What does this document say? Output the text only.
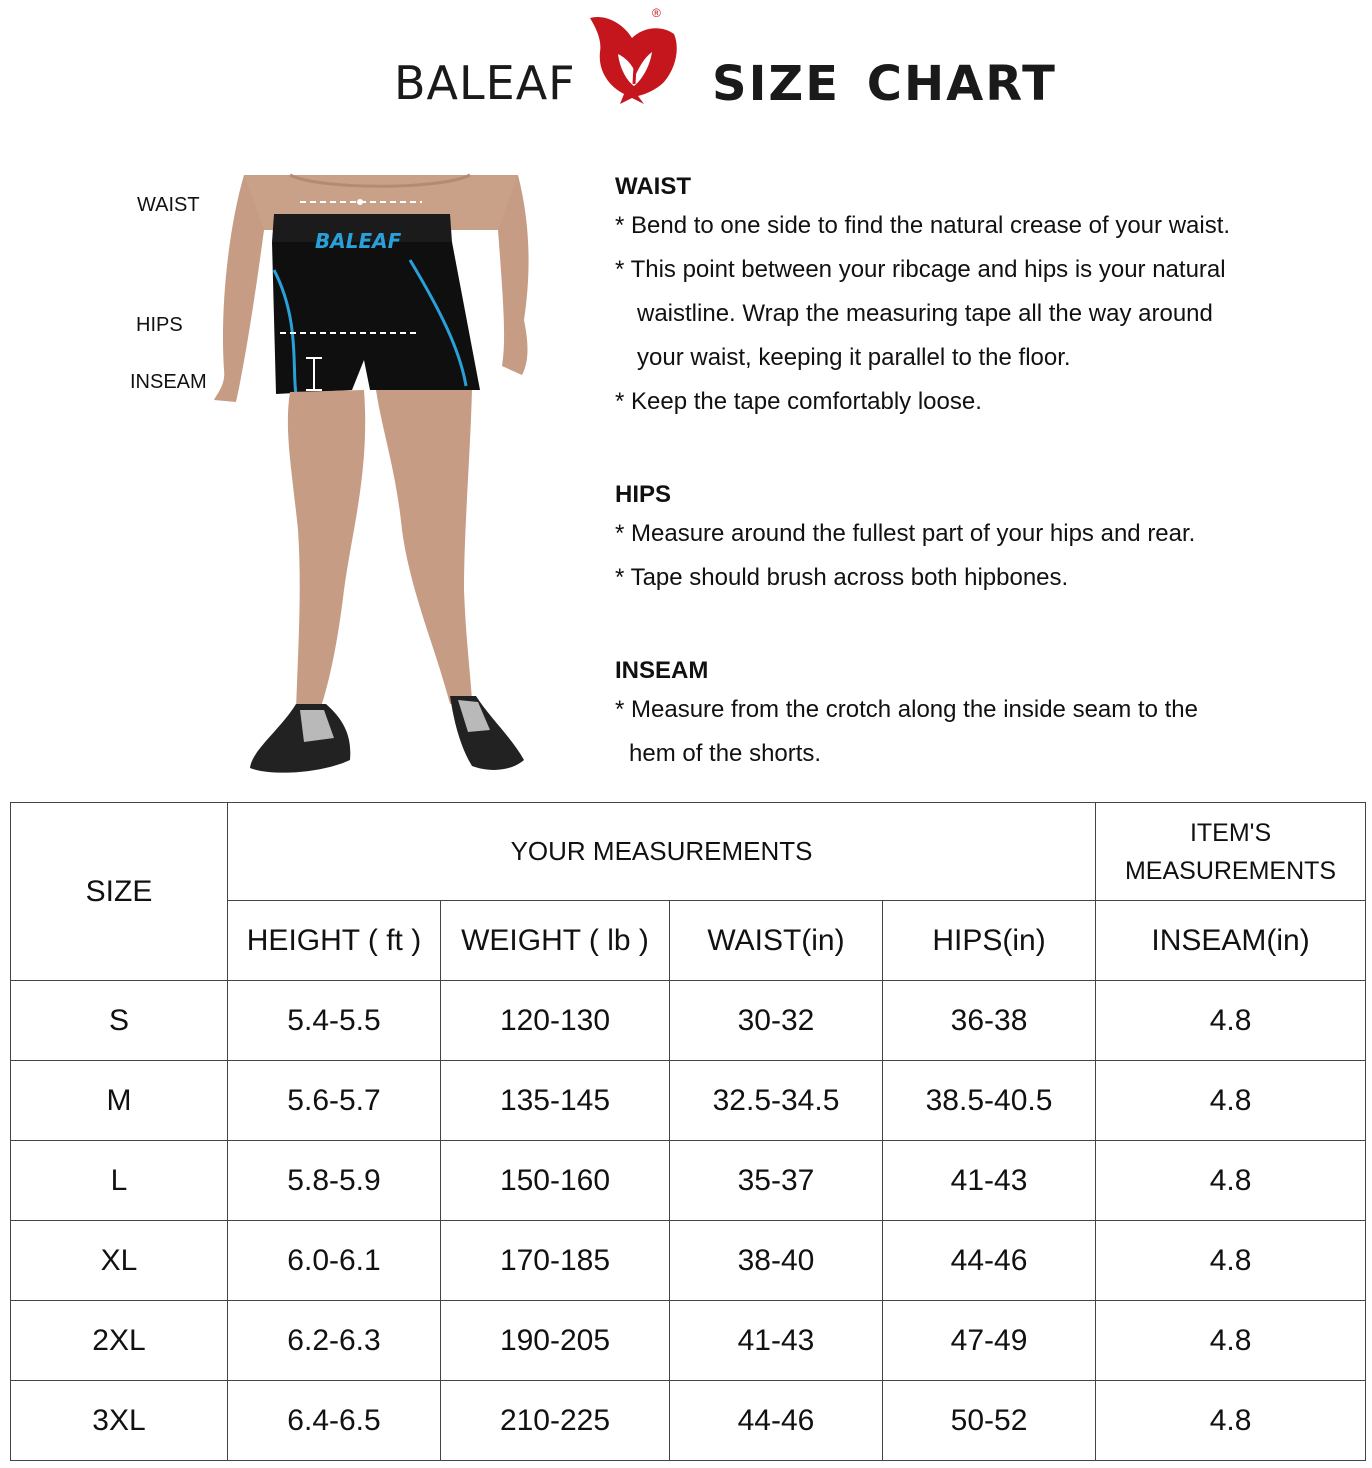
BALEAF
®
SIZE CHART
BALEAF
WAIST
HIPS
INSEAM

WAIST

* Bend to one side to find the natural crease of your waist.

* This point between your ribcage and hips is your natural

waistline. Wrap the measuring tape all the way around

your waist, keeping it parallel to the floor.

* Keep the tape comfortably loose.

HIPS

* Measure around the fullest part of your hips and rear.

* Tape should brush across both hipbones.

INSEAM

* Measure from the crotch along the inside seam to the

hem of the shorts.

SIZE	YOUR MEASUREMENTS				ITEM'S MEASUREMENTS
	HEIGHT ( ft )	WEIGHT ( lb )	WAIST(in)	HIPS(in)	INSEAM(in)
S	5.4-5.5	120-130	30-32	36-38	4.8
M	5.6-5.7	135-145	32.5-34.5	38.5-40.5	4.8
L	5.8-5.9	150-160	35-37	41-43	4.8
XL	6.0-6.1	170-185	38-40	44-46	4.8
2XL	6.2-6.3	190-205	41-43	47-49	4.8
3XL	6.4-6.5	210-225	44-46	50-52	4.8
